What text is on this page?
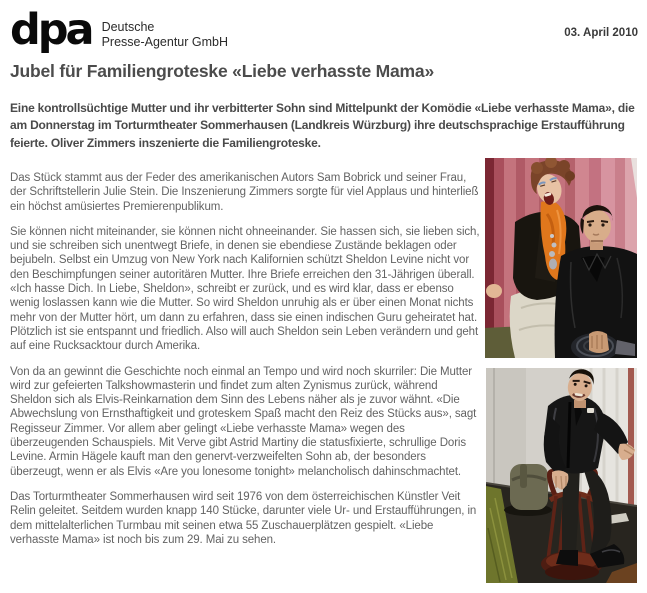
dpa Deutsche
Presse-Agentur GmbH
03. April 2010
Jubel für Familiengroteske «Liebe verhasste Mama»

Eine kontrollsüchtige Mutter und ihr verbitterter Sohn sind Mittelpunkt der Komödie «Liebe verhasste Mama», die am Donnerstag im Torturmtheater Sommerhausen (Landkreis Würzburg) ihre deutschsprachige Erstaufführung feierte. Oliver Zimmers inszenierte die Familiengroteske.

Das Stück stammt aus der Feder des amerikanischen Autors Sam Bobrick und seiner Frau, der Schriftstellerin Julie Stein. Die Inszenierung Zimmers sorgte für viel Applaus und hinterließ ein höchst amüsiertes Premierenpublikum.

Sie können nicht miteinander, sie können nicht ohneeinander. Sie hassen sich, sie lieben sich, und sie schreiben sich unentwegt Briefe, in denen sie ebendiese Zustände beklagen oder bejubeln. Selbst ein Umzug von New York nach Kalifornien schützt Sheldon Levine nicht vor den Beschimpfungen seiner autoritären Mutter. Ihre Briefe erreichen den 31-Jährigen überall. «Ich hasse Dich. In Liebe, Sheldon», schreibt er zurück, und es wird klar, dass er ebenso wenig loslassen kann wie die Mutter. So wird Sheldon unruhig als er über einen Monat nichts mehr von der Mutter hört, um dann zu erfahren, dass sie einen indischen Guru geheiratet hat. Plötzlich ist sie entspannt und friedlich. Also will auch Sheldon sein Leben verändern und geht auf eine Rucksacktour durch Amerika.

Von da an gewinnt die Geschichte noch einmal an Tempo und wird noch skurriler: Die Mutter wird zur gefeierten Talkshowmasterin und findet zum alten Zynismus zurück, während Sheldon sich als Elvis-Reinkarnation dem Sinn des Lebens näher als je zuvor wähnt. «Die Abwechslung von Ernsthaftigkeit und groteskem Spaß macht den Reiz des Stücks aus», sagt Regisseur Zimmer. Vor allem aber gelingt «Liebe verhasste Mama» wegen des überzeugenden Schauspiels. Mit Verve gibt Astrid Martiny die statusfixierte, schrullige Doris Levine. Armin Hägele kauft man den genervt-verzweifelten Sohn ab, der besonders überzeugt, wenn er als Elvis «Are you lonesome tonight» melancholisch dahinschmachtet.

Das Torturmtheater Sommerhausen wird seit 1976 von dem österreichischen Künstler Veit Relin geleitet. Seitdem wurden knapp 140 Stücke, darunter viele Ur- und Erstaufführungen, in dem mittelalterlichen Turmbau mit seinen etwa 55 Zuschauerplätzen gespielt. «Liebe verhasste Mama» ist noch bis zum 29. Mai zu sehen.
